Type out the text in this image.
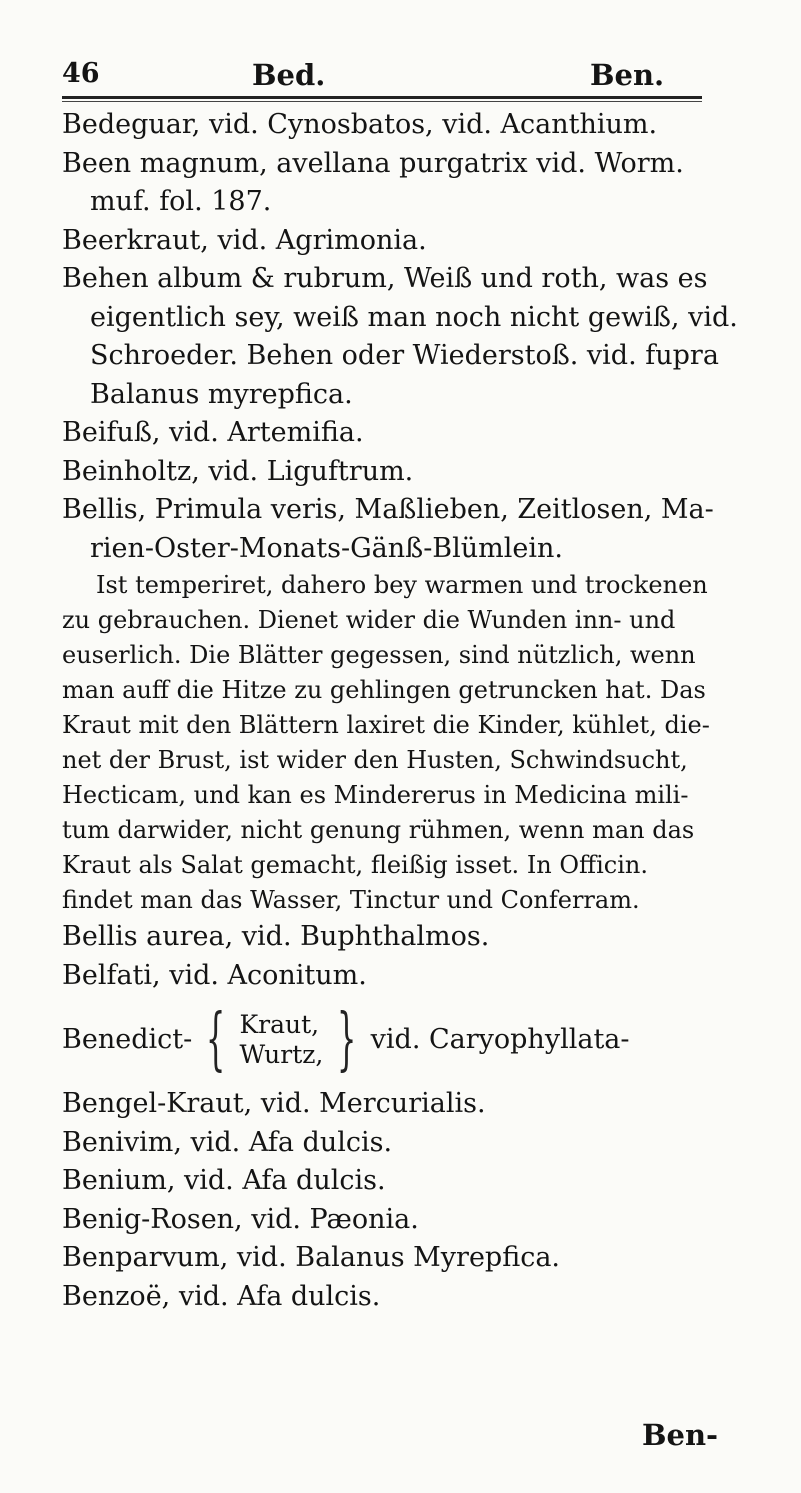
46	Bed.	Ben.
Bedeguar, vid. Cynosbatos, vid. Acanthium.
Been magnum, avellana purgatrix vid. Worm.
muf. fol. 187.
Beerkraut, vid. Agrimonia.
Behen album & rubrum, Weiß und roth, was es
eigentlich sey, weiß man noch nicht gewiß, vid.
Schroeder. Behen oder Wiederstoß. vid. fupra
Balanus myrepfica.
Beifuß, vid. Artemifia.
Beinholtz, vid. Liguftrum.
Bellis, Primula veris, Maßlieben, Zeitlosen, Ma-
rien-Oster-Monats-Gänß-Blümlein.
Ist temperiret, dahero bey warmen und trockenen
zu gebrauchen. Dienet wider die Wunden inn- und
euserlich. Die Blätter gegessen, sind nützlich, wenn
man auff die Hitze zu gehlingen getruncken hat. Das
Kraut mit den Blättern laxiret die Kinder, kühlet, die-
net der Brust, ist wider den Husten, Schwindsucht,
Hecticam, und kan es Mindererus in Medicina mili-
tum darwider, nicht genung rühmen, wenn man das
Kraut als Salat gemacht, fleißig isset. In Officin.
findet man das Wasser, Tinctur und Conferram.
Bellis aurea, vid. Buphthalmos.
Belfati, vid. Aconitum.
Benedict- { Kraut,
Wurtz, } vid. Caryophyllata-
Bengel-Kraut, vid. Mercurialis.
Benivim, vid. Afa dulcis.
Benium, vid. Afa dulcis.
Benig-Rosen, vid. Pæonia.
Benparvum, vid. Balanus Myrepfica.
Benzoë, vid. Afa dulcis.
Ben-
